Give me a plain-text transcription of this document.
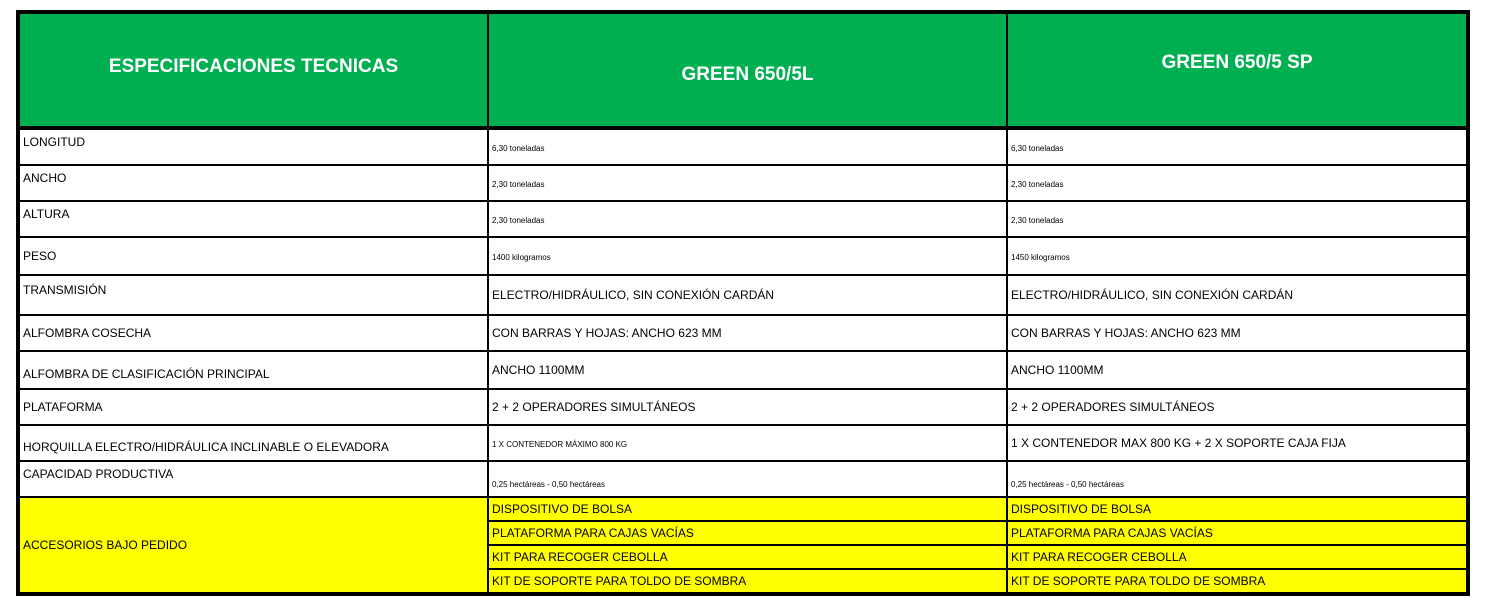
ESPECIFICACIONES TECNICAS	GREEN 650/5L	GREEN 650/5 SP
LONGITUD	6,30 toneladas	6,30 toneladas
ANCHO	2,30 toneladas	2,30 toneladas
ALTURA	2,30 toneladas	2,30 toneladas
PESO	1400 kilogramos	1450 kilogramos
TRANSMISIÓN	ELECTRO/HIDRÁULICO, SIN CONEXIÓN CARDÁN	ELECTRO/HIDRÁULICO, SIN CONEXIÓN CARDÁN
ALFOMBRA COSECHA	CON BARRAS Y HOJAS: ANCHO 623 MM	CON BARRAS Y HOJAS: ANCHO 623 MM
ALFOMBRA DE CLASIFICACIÓN PRINCIPAL	ANCHO 1100MM	ANCHO 1100MM
PLATAFORMA	2 + 2 OPERADORES SIMULTÁNEOS	2 + 2 OPERADORES SIMULTÁNEOS
HORQUILLA ELECTRO/HIDRÁULICA INCLINABLE O ELEVADORA	1 X CONTENEDOR MÁXIMO 800 KG	1 X CONTENEDOR MAX 800 KG + 2 X SOPORTE CAJA FIJA
CAPACIDAD PRODUCTIVA	$_{0,25 hectáreas - 0,50 hectáreas}$	$_{0,25 hectáreas - 0,50 hectáreas}$
ACCESORIOS BAJO PEDIDO	DISPOSITIVO DE BOLSA	DISPOSITIVO DE BOLSA
	PLATAFORMA PARA CAJAS VACÍAS	PLATAFORMA PARA CAJAS VACÍAS
	KIT PARA RECOGER CEBOLLA	KIT PARA RECOGER CEBOLLA
	KIT DE SOPORTE PARA TOLDO DE SOMBRA	KIT DE SOPORTE PARA TOLDO DE SOMBRA
